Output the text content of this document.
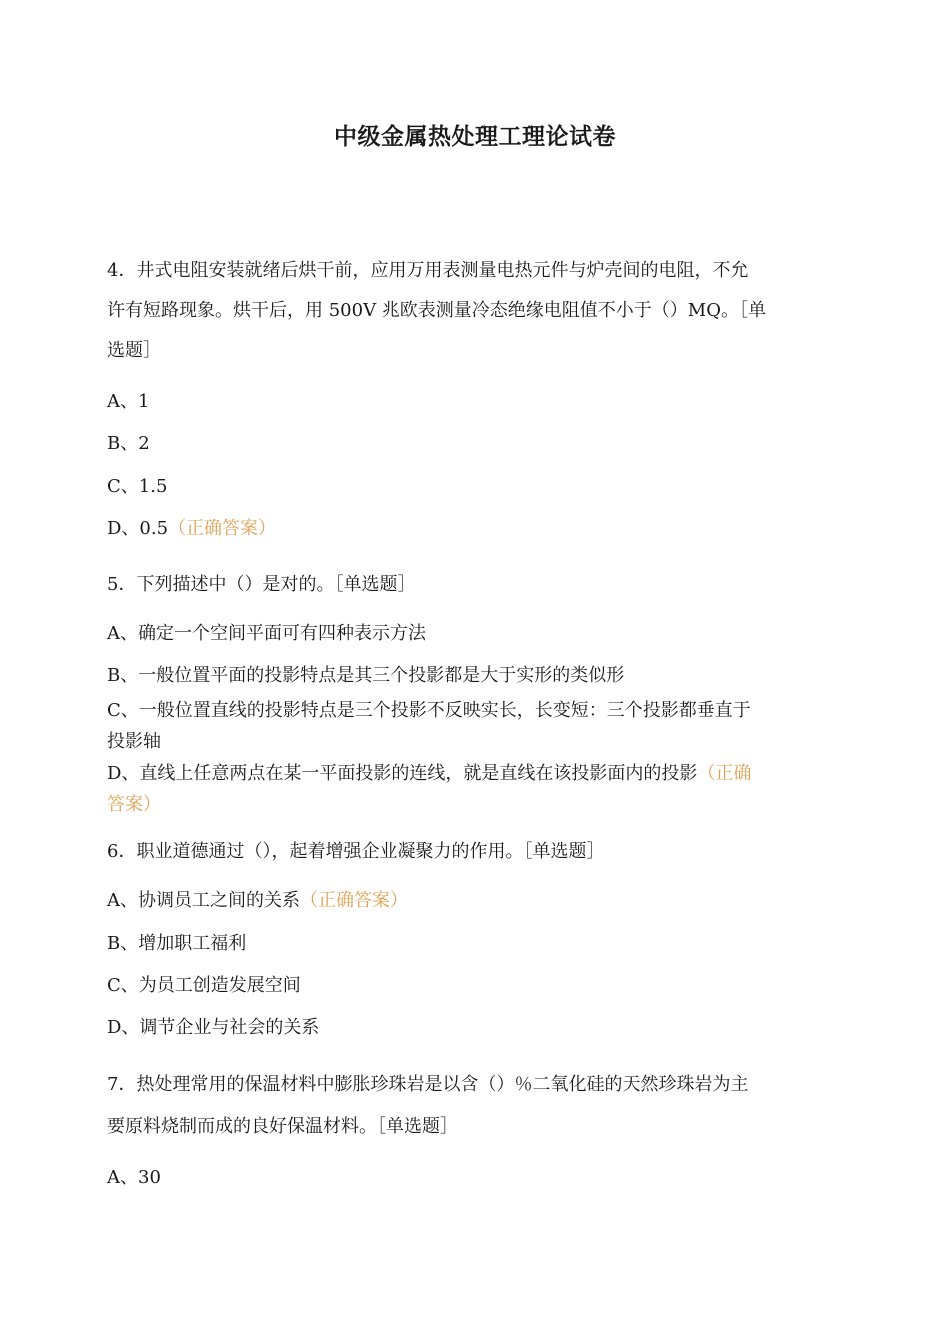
中级金属热处理工理论试卷
4．井式电阻安装就绪后烘干前，应用万用表测量电热元件与炉壳间的电阻，不允
许有短路现象。烘干后，用 500V 兆欧表测量冷态绝缘电阻值不小于（）MQ。［单
选题］
A、1
B、2
C、1.5
D、0.5（正确答案）
5．下列描述中（）是对的。［单选题］
A、确定一个空间平面可有四种表示方法
B、一般位置平面的投影特点是其三个投影都是大于实形的类似形
C、一般位置直线的投影特点是三个投影不反映实长，长变短：三个投影都垂直于
投影轴
D、直线上任意两点在某一平面投影的连线，就是直线在该投影面内的投影（正确
答案）
6．职业道德通过（），起着增强企业凝聚力的作用。［单选题］
A、协调员工之间的关系（正确答案）
B、增加职工福利
C、为员工创造发展空间
D、调节企业与社会的关系
7．热处理常用的保温材料中膨胀珍珠岩是以含（）％二氧化硅的天然珍珠岩为主
要原料烧制而成的良好保温材料。［单选题］
A、30
